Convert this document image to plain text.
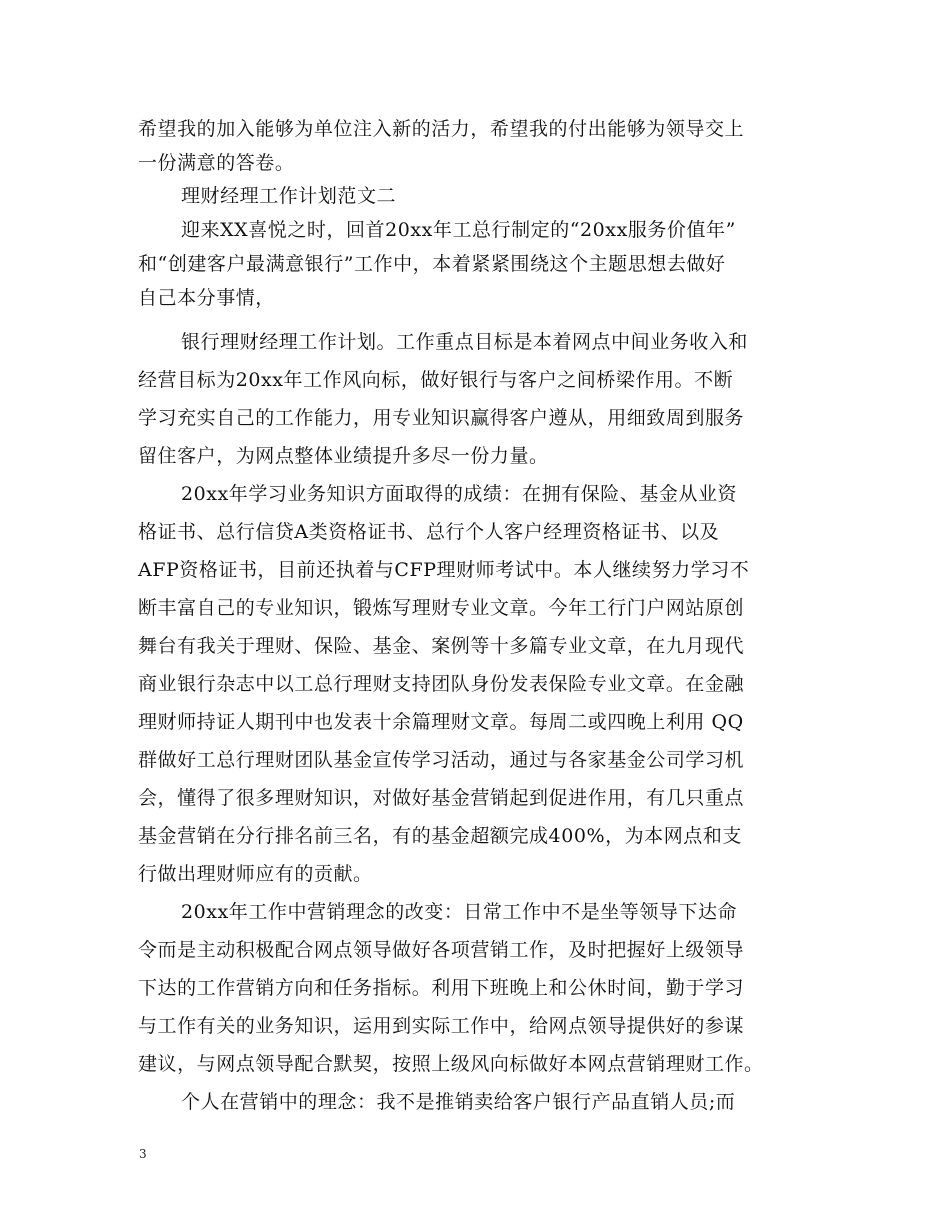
希望我的加入能够为单位注入新的活力，希望我的付出能够为领导交上
一份满意的答卷。
理财经理工作计划范文二
迎来XX喜悦之时，回首20xx年工总行制定的“20xx服务价值年”
和“创建客户最满意银行”工作中，本着紧紧围绕这个主题思想去做好
自己本分事情，
银行理财经理工作计划。工作重点目标是本着网点中间业务收入和
经营目标为20xx年工作风向标，做好银行与客户之间桥梁作用。不断
学习充实自己的工作能力，用专业知识赢得客户遵从，用细致周到服务
留住客户，为网点整体业绩提升多尽一份力量。
20xx年学习业务知识方面取得的成绩：在拥有保险、基金从业资
格证书、总行信贷A类资格证书、总行个人客户经理资格证书、以及
AFP资格证书，目前还执着与CFP理财师考试中。本人继续努力学习不
断丰富自己的专业知识，锻炼写理财专业文章。今年工行门户网站原创
舞台有我关于理财、保险、基金、案例等十多篇专业文章，在九月现代
商业银行杂志中以工总行理财支持团队身份发表保险专业文章。在金融
理财师持证人期刊中也发表十余篇理财文章。每周二或四晚上利用 QQ
群做好工总行理财团队基金宣传学习活动，通过与各家基金公司学习机
会，懂得了很多理财知识，对做好基金营销起到促进作用，有几只重点
基金营销在分行排名前三名，有的基金超额完成400%，为本网点和支
行做出理财师应有的贡献。
20xx年工作中营销理念的改变：日常工作中不是坐等领导下达命
令而是主动积极配合网点领导做好各项营销工作，及时把握好上级领导
下达的工作营销方向和任务指标。利用下班晚上和公休时间，勤于学习
与工作有关的业务知识，运用到实际工作中，给网点领导提供好的参谋
建议，与网点领导配合默契，按照上级风向标做好本网点营销理财工作。
个人在营销中的理念：我不是推销卖给客户银行产品直销人员;而
3
